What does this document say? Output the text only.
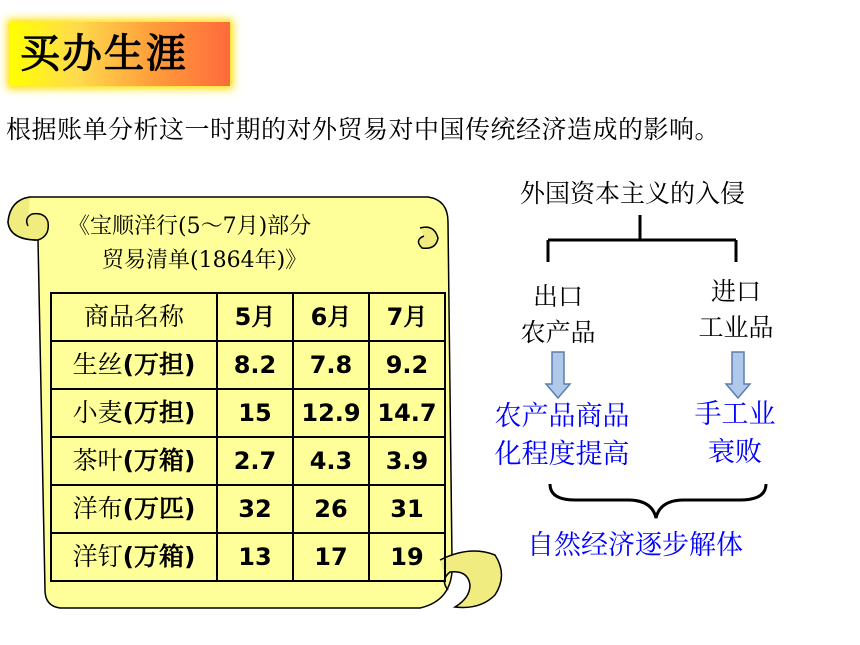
买办生涯
根据账单分析这一时期的对外贸易对中国传统经济造成的影响。
《宝顺洋行(5～7月)部分
贸易清单(1864年)》
商品名称	5月	6月	7月
生丝(万担)	8.2	7.8	9.2
小麦(万担)	15	12.9	14.7
茶叶(万箱)	2.7	4.3	3.9
洋布(万匹)	32	26	31
洋钉(万箱)	13	17	19
外国资本主义的入侵
出口
农产品
进口
工业品
农产品商品
化程度提高
手工业
衰败
自然经济逐步解体
